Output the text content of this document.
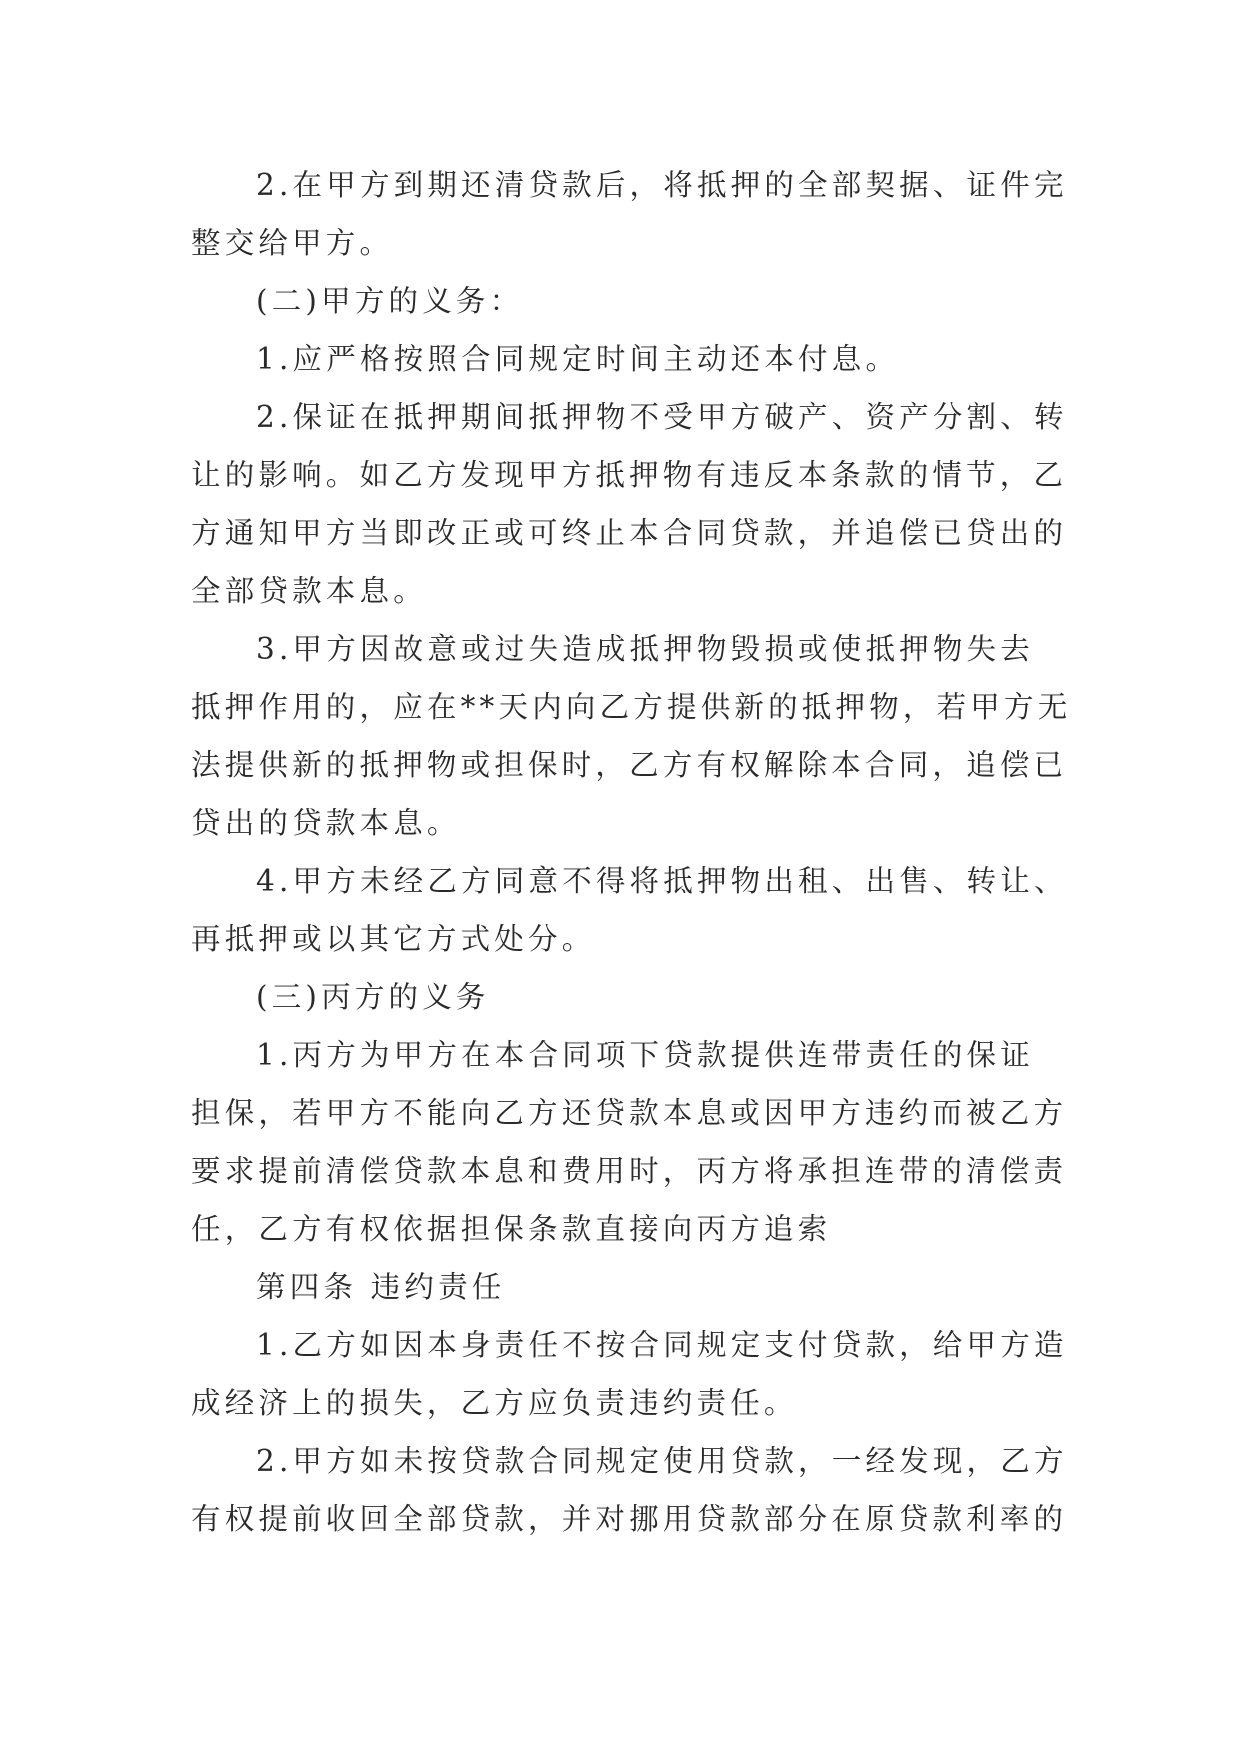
2.在甲方到期还清贷款后，将抵押的全部契据、证件完
整交给甲方。
(二)甲方的义务：
1.应严格按照合同规定时间主动还本付息。
2.保证在抵押期间抵押物不受甲方破产、资产分割、转
让的影响。如乙方发现甲方抵押物有违反本条款的情节，乙
方通知甲方当即改正或可终止本合同贷款，并追偿已贷出的
全部贷款本息。
3.甲方因故意或过失造成抵押物毁损或使抵押物失去
抵押作用的，应在**天内向乙方提供新的抵押物，若甲方无
法提供新的抵押物或担保时，乙方有权解除本合同，追偿已
贷出的贷款本息。
4.甲方未经乙方同意不得将抵押物出租、出售、转让、
再抵押或以其它方式处分。
(三)丙方的义务
1.丙方为甲方在本合同项下贷款提供连带责任的保证
担保，若甲方不能向乙方还贷款本息或因甲方违约而被乙方
要求提前清偿贷款本息和费用时，丙方将承担连带的清偿责
任，乙方有权依据担保条款直接向丙方追索
第四条 违约责任
1.乙方如因本身责任不按合同规定支付贷款，给甲方造
成经济上的损失，乙方应负责违约责任。
2.甲方如未按贷款合同规定使用贷款，一经发现，乙方
有权提前收回全部贷款，并对挪用贷款部分在原贷款利率的
